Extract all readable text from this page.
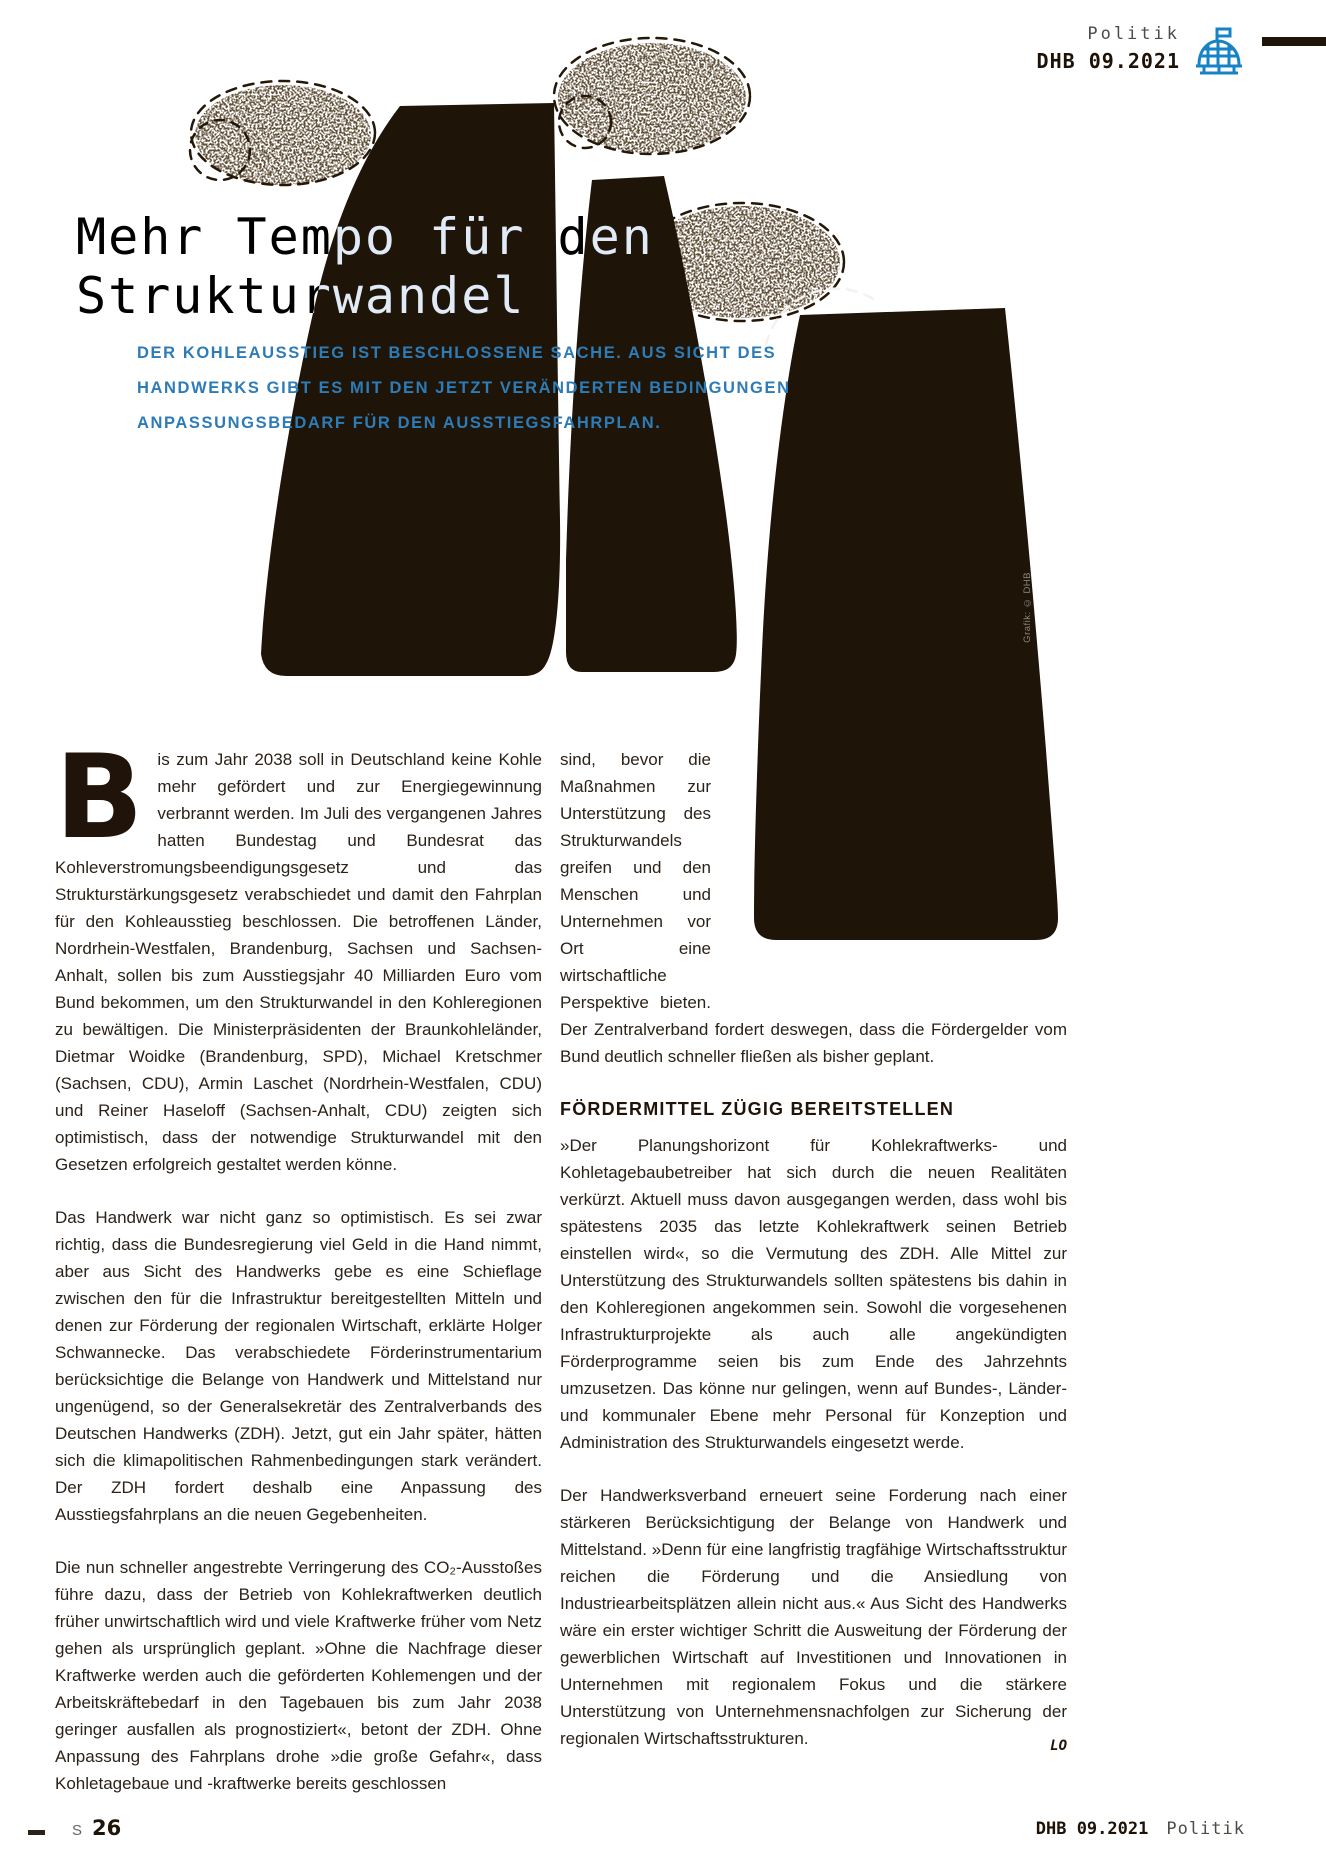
Politik
DHB 09.2021
Mehr Tempo für den
Strukturwandel
DER KOHLEAUSSTIEG IST BESCHLOSSENE SACHE. AUS SICHT DES
HANDWERKS GIBT ES MIT DEN JETZT VERÄNDERTEN BEDINGUNGEN
ANPASSUNGSBEDARF FÜR DEN AUSSTIEGSFAHRPLAN.

Bis zum Jahr 2038 soll in Deutschland keine Kohle mehr gefördert und zur Energiegewinnung verbrannt werden. Im Juli des vergangenen Jahres hatten Bundestag und Bundesrat das Kohleverstromungsbeendigungsgesetz und das Strukturstärkungsgesetz verabschiedet und damit den Fahrplan für den Kohleausstieg beschlossen. Die betroffenen Länder, Nordrhein-Westfalen, Brandenburg, Sachsen und Sachsen-Anhalt, sollen bis zum Ausstiegsjahr 40 Milliarden Euro vom Bund bekommen, um den Strukturwandel in den Kohleregionen zu bewältigen. Die Ministerpräsidenten der Braunkohleländer, Dietmar Woidke (Brandenburg, SPD), Michael Kretschmer (Sachsen, CDU), Armin Laschet (Nordrhein-Westfalen, CDU) und Reiner Haseloff (Sachsen-Anhalt, CDU) zeigten sich optimistisch, dass der notwendige Strukturwandel mit den Gesetzen erfolgreich gestaltet werden könne.

Das Handwerk war nicht ganz so optimistisch. Es sei zwar richtig, dass die Bundesregierung viel Geld in die Hand nimmt, aber aus Sicht des Handwerks gebe es eine Schieflage zwischen den für die Infrastruktur bereitgestellten Mitteln und denen zur Förderung der regionalen Wirtschaft, erklärte Holger Schwannecke. Das verabschiedete Förderinstrumentarium berücksichtige die Belange von Handwerk und Mittelstand nur ungenügend, so der Generalsekretär des Zentralverbands des Deutschen Handwerks (ZDH). Jetzt, gut ein Jahr später, hätten sich die klimapolitischen Rahmenbedingungen stark verändert. Der ZDH fordert deshalb eine Anpassung des Ausstiegsfahrplans an die neuen Gegebenheiten.

Die nun schneller angestrebte Verringerung des CO₂-Ausstoßes führe dazu, dass der Betrieb von Kohlekraftwerken deutlich früher unwirtschaftlich wird und viele Kraftwerke früher vom Netz gehen als ursprünglich geplant. »Ohne die Nachfrage dieser Kraftwerke werden auch die geförderten Kohlemengen und der Arbeitskräftebedarf in den Tagebauen bis zum Jahr 2038 geringer ausfallen als prognostiziert«, betont der ZDH. Ohne Anpassung des Fahrplans drohe »die große Gefahr«, dass Kohletagebaue und -kraftwerke bereits geschlossen

sind, bevor die Maßnahmen zur Unterstützung des Strukturwandels greifen und den Menschen und Unternehmen vor Ort eine wirtschaftliche Perspektive bieten. Der Zentralverband fordert deswegen, dass die Fördergelder vom Bund deutlich schneller fließen als bisher geplant.

FÖRDERMITTEL ZÜGIG BEREITSTELLEN

»Der Planungshorizont für Kohlekraftwerks- und Kohletagebaubetreiber hat sich durch die neuen Realitäten verkürzt. Aktuell muss davon ausgegangen werden, dass wohl bis spätestens 2035 das letzte Kohlekraftwerk seinen Betrieb einstellen wird«, so die Vermutung des ZDH. Alle Mittel zur Unterstützung des Strukturwandels sollten spätestens bis dahin in den Kohleregionen angekommen sein. Sowohl die vorgesehenen Infrastrukturprojekte als auch alle angekündigten Förderprogramme seien bis zum Ende des Jahrzehnts umzusetzen. Das könne nur gelingen, wenn auf Bundes-, Länder- und kommunaler Ebene mehr Personal für Konzeption und Administration des Strukturwandels eingesetzt werde.

Der Handwerksverband erneuert seine Forderung nach einer stärkeren Berücksichtigung der Belange von Handwerk und Mittelstand. »Denn für eine langfristig tragfähige Wirtschaftsstruktur reichen die Förderung und die Ansiedlung von Industriearbeitsplätzen allein nicht aus.« Aus Sicht des Handwerks wäre ein erster wichtiger Schritt die Ausweitung der Förderung der gewerblichen Wirtschaft auf Investitionen und Innovationen in Unternehmen mit regionalem Fokus und die stärkere Unterstützung von Unternehmensnachfolgen zur Sicherung der regionalen Wirtschaftsstrukturen.	LO

Grafik: © DHB
S 26	DHB 09.2021 Politik
